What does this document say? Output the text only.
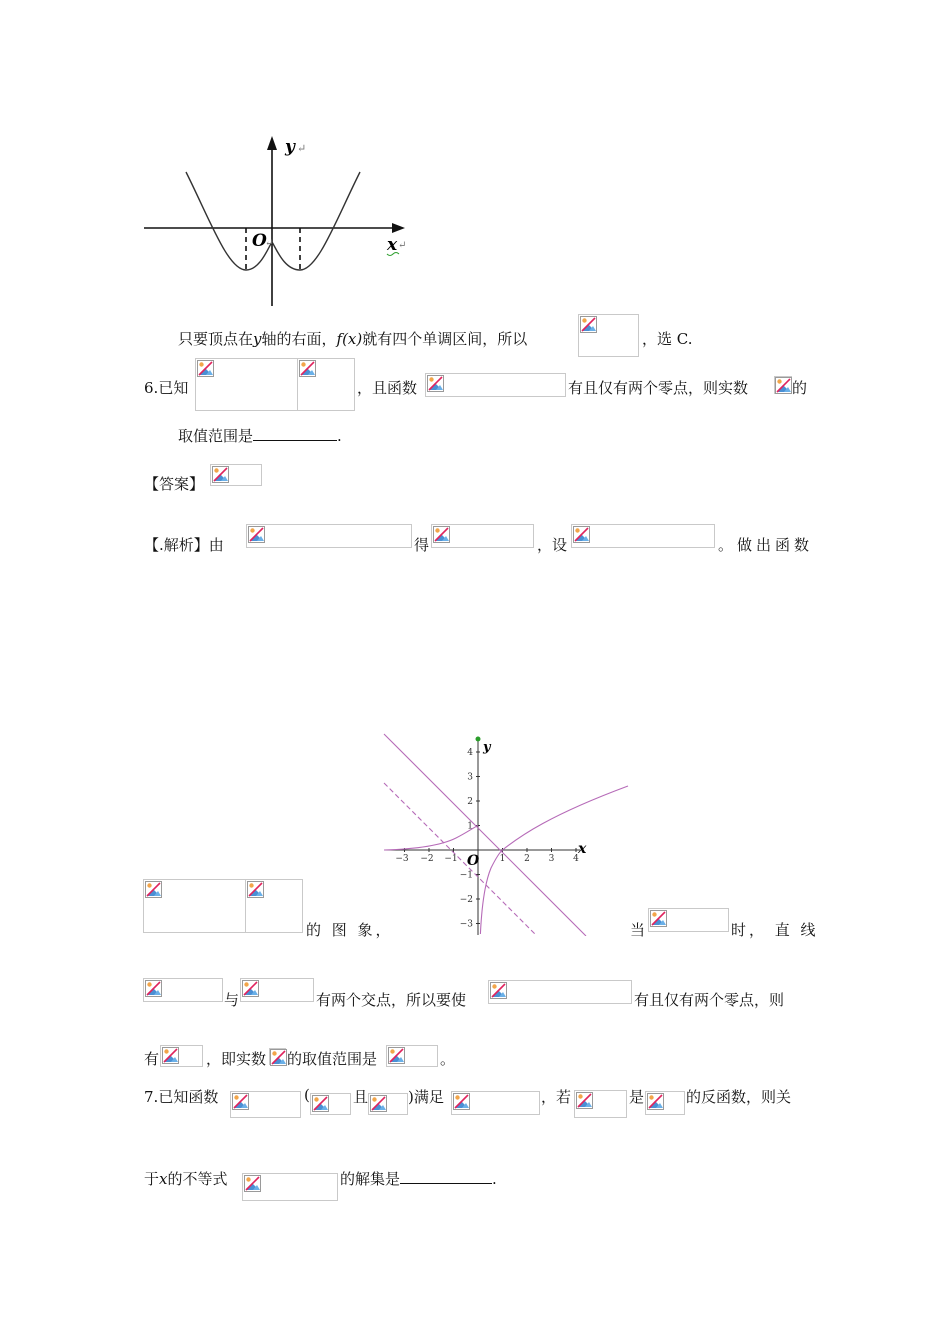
y ↵
O
↵	x ↵
只要顶点在y轴的右面，f(x)就有四个单调区间，所以	，选 C.
6.已知	，且函数	有且仅有两个零点，则实数	的
取值范围是	.
【答案】
【.解析】由	得	，设	。做出函数
−3 −2 −1	1 2 3 4
4
3
2
1
−1
−2
−3
x
y
O
的 图 象，	当	时， 直 线
与	有两个交点，所以要使	有且仅有两个零点，则
有	，即实数 的取值范围是	。
7.已知函数	(	且	)满足	，若	是	的反函数，则关
于x的不等式	的解集是	.
